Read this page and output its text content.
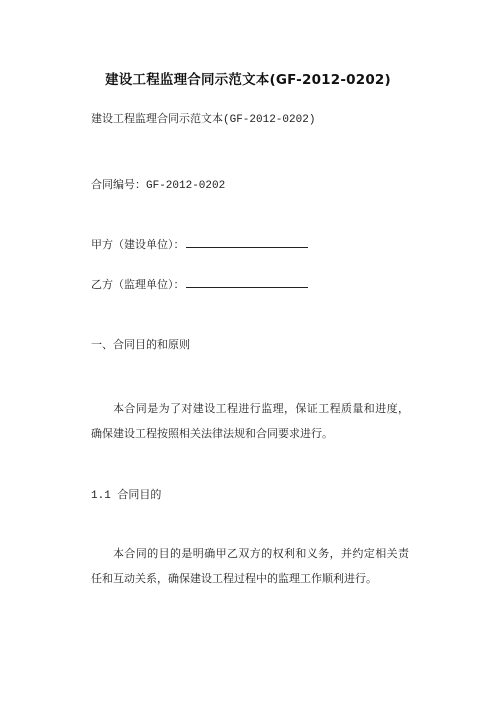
建设工程监理合同示范文本(GF-2012-0202)
建设工程监理合同示范文本(GF-2012-0202)
合同编号：GF-2012-0202
甲方（建设单位）：
乙方（监理单位）：
一、合同目的和原则
本合同是为了对建设工程进行监理，保证工程质量和进度，确保建设工程按照相关法律法规和合同要求进行。
1.1 合同目的
本合同的目的是明确甲乙双方的权利和义务，并约定相关责任和互动关系，确保建设工程过程中的监理工作顺利进行。
